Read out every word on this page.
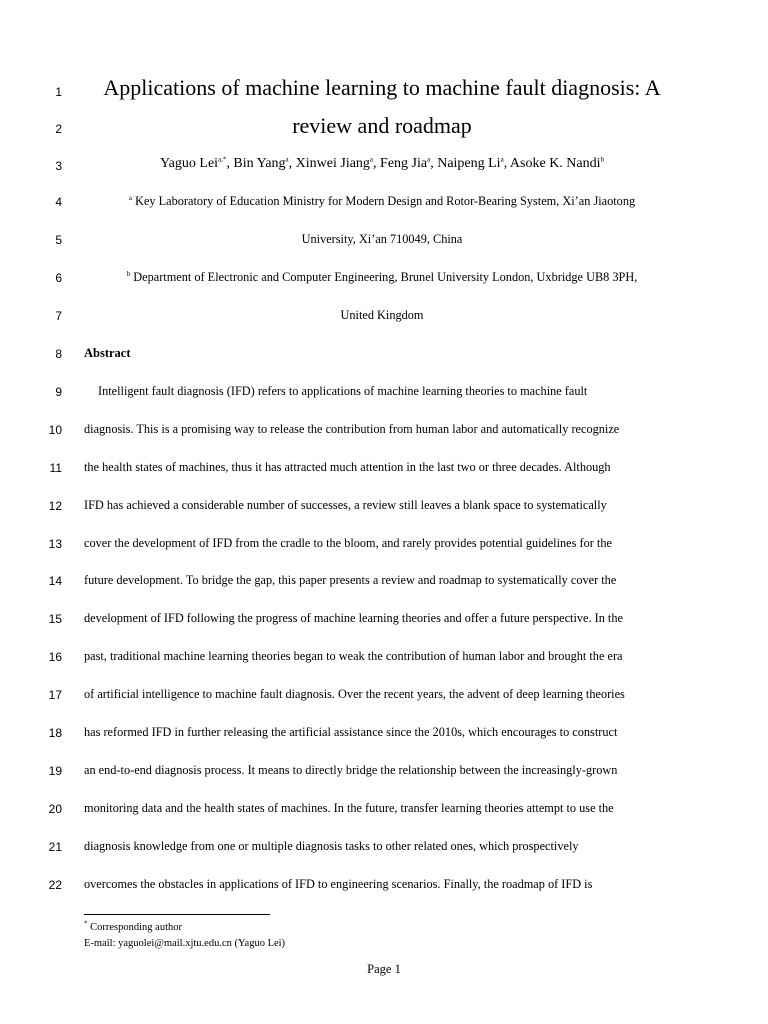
1
2
3
4
5
6
7
8
9
10
11
12
13
14
15
16
17
18
19
20
21
22
Applications of machine learning to machine fault diagnosis: A
review and roadmap
Yaguo Lei$^{a,*}$, Bin Yang$^a$, Xinwei Jiang$^a$, Feng Jia$^a$, Naipeng Li$^a$, Asoke K. Nandi$^b$
$^a$ Key Laboratory of Education Ministry for Modern Design and Rotor-Bearing System, Xi’an Jiaotong
University, Xi’an 710049, China
$^b$ Department of Electronic and Computer Engineering, Brunel University London, Uxbridge UB8 3PH,
United Kingdom
Abstract
Intelligent fault diagnosis (IFD) refers to applications of machine learning theories to machine fault
diagnosis. This is a promising way to release the contribution from human labor and automatically recognize
the health states of machines, thus it has attracted much attention in the last two or three decades. Although
IFD has achieved a considerable number of successes, a review still leaves a blank space to systematically
cover the development of IFD from the cradle to the bloom, and rarely provides potential guidelines for the
future development. To bridge the gap, this paper presents a review and roadmap to systematically cover the
development of IFD following the progress of machine learning theories and offer a future perspective. In the
past, traditional machine learning theories began to weak the contribution of human labor and brought the era
of artificial intelligence to machine fault diagnosis. Over the recent years, the advent of deep learning theories
has reformed IFD in further releasing the artificial assistance since the 2010s, which encourages to construct
an end-to-end diagnosis process. It means to directly bridge the relationship between the increasingly-grown
monitoring data and the health states of machines. In the future, transfer learning theories attempt to use the
diagnosis knowledge from one or multiple diagnosis tasks to other related ones, which prospectively
overcomes the obstacles in applications of IFD to engineering scenarios. Finally, the roadmap of IFD is
* Corresponding author
E-mail: yaguolei@mail.xjtu.edu.cn (Yaguo Lei)
Page 1
